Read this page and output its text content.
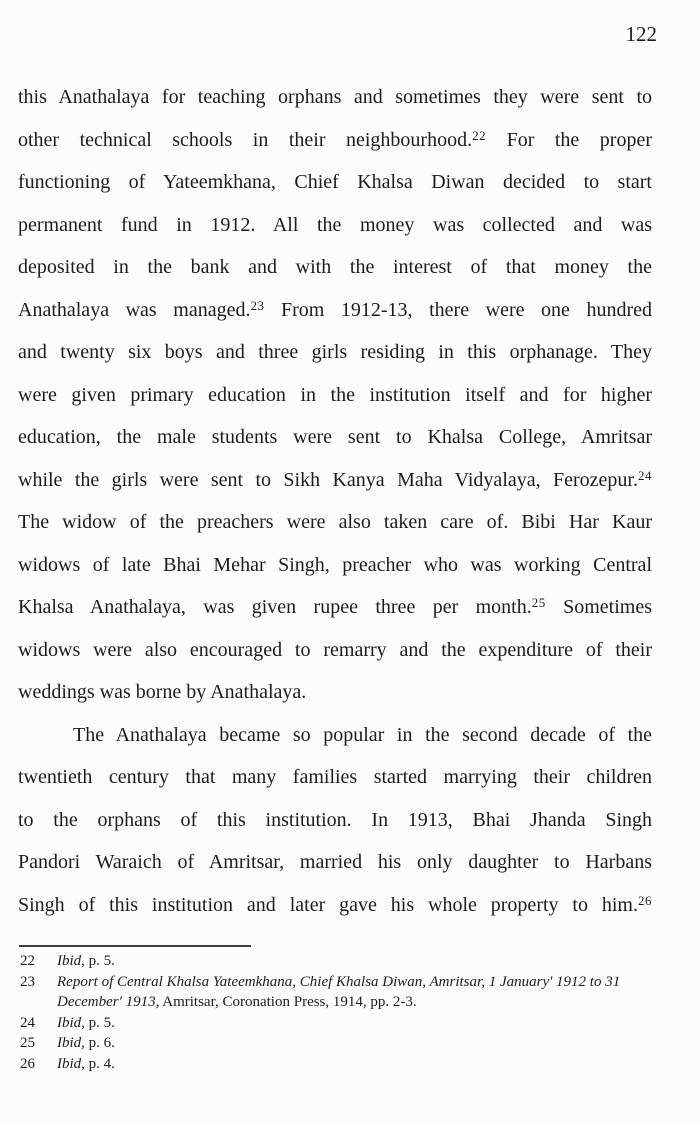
122
this Anathalaya for teaching orphans and sometimes they were sent to
other technical schools in their neighbourhood.$^{22}$ For the proper
functioning of Yateemkhana, Chief Khalsa Diwan decided to start
permanent fund in 1912. All the money was collected and was
deposited in the bank and with the interest of that money the
Anathalaya was managed.$^{23}$ From 1912-13, there were one hundred
and twenty six boys and three girls residing in this orphanage. They
were given primary education in the institution itself and for higher
education, the male students were sent to Khalsa College, Amritsar
while the girls were sent to Sikh Kanya Maha Vidyalaya, Ferozepur.$^{24}$
The widow of the preachers were also taken care of. Bibi Har Kaur
widows of late Bhai Mehar Singh, preacher who was working Central
Khalsa Anathalaya, was given rupee three per month.$^{25}$ Sometimes
widows were also encouraged to remarry and the expenditure of their
weddings was borne by Anathalaya.
The Anathalaya became so popular in the second decade of the
twentieth century that many families started marrying their children
to the orphans of this institution. In 1913, Bhai Jhanda Singh
Pandori Waraich of Amritsar, married his only daughter to Harbans
Singh of this institution and later gave his whole property to him.$^{26}$
22	Ibid, p. 5.
23	Report of Central Khalsa Yateemkhana, Chief Khalsa Diwan, Amritsar, 1 January' 1912 to 31
December' 1913, Amritsar, Coronation Press, 1914, pp. 2-3.
24	Ibid, p. 5.
25	Ibid, p. 6.
26	Ibid, p. 4.
